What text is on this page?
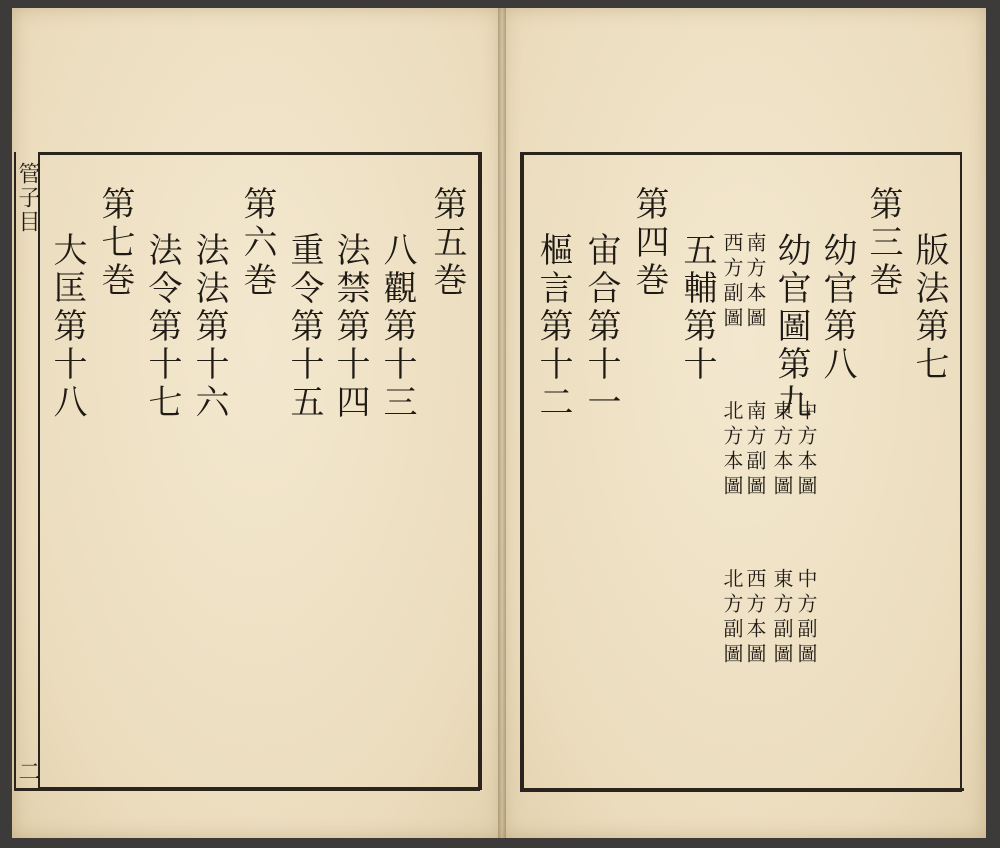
管子目
二
第五巻
八觀第十三
法禁第十四
重令第十五
第六巻
法法第十六
法令第十七
第七巻
大匡第十八	版法第七
第三巻
幼官第八
幼官圖第九
五輔第十
第四巻
宙合第十一
樞言第十二
中方本圖
東方本圖
南方副圖
北方本圖
南方本圖
西方副圖
中方副圖
東方副圖
西方本圖
北方副圖
